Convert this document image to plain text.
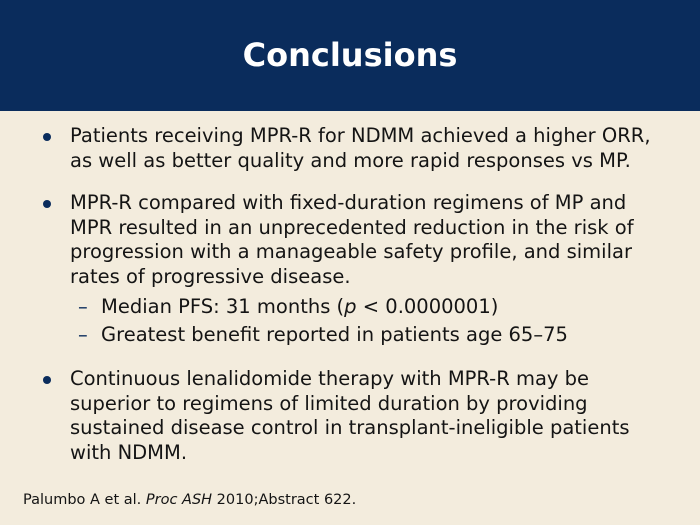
Conclusions
Patients receiving MPR-R for NDMM achieved a higher ORR, as well as better quality and more rapid responses vs MP.
MPR-R compared with fixed-duration regimens of MP and MPR resulted in an unprecedented reduction in the risk of progression with a manageable safety profile, and similar rates of progressive disease.
– Median PFS: 31 months (p < 0.0000001)
– Greatest benefit reported in patients age 65–75
Continuous lenalidomide therapy with MPR-R may be superior to regimens of limited duration by providing sustained disease control in transplant-ineligible patients with NDMM.
Palumbo A et al. Proc ASH 2010;Abstract 622.
